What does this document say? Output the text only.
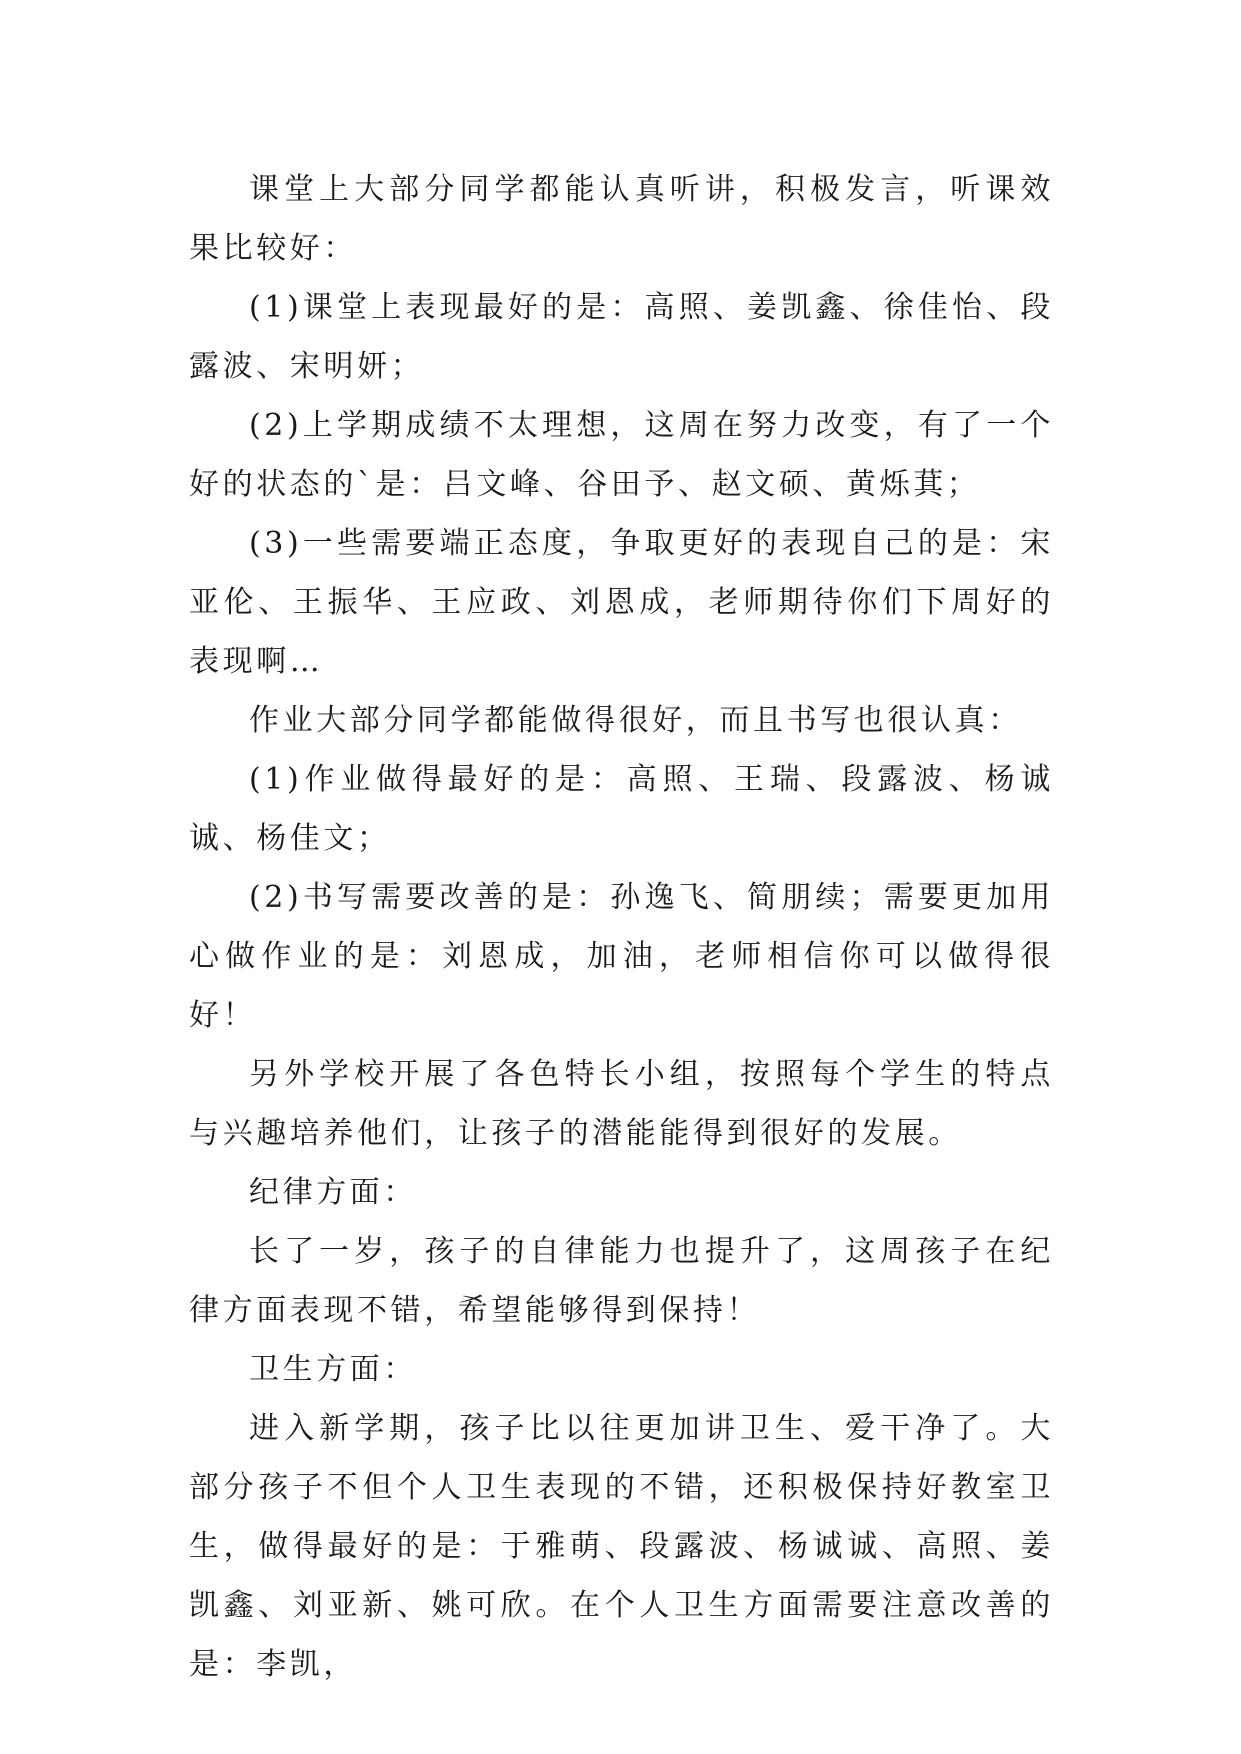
课堂上大部分同学都能认真听讲，积极发言，听课效果比较好：

(1)课堂上表现最好的是：高照、姜凯鑫、徐佳怡、段露波、宋明妍；

(2)上学期成绩不太理想，这周在努力改变，有了一个好的状态的`是：吕文峰、谷田予、赵文硕、黄烁萁；

(3)一些需要端正态度，争取更好的表现自己的是：宋亚伦、王振华、王应政、刘恩成，老师期待你们下周好的表现啊…

作业大部分同学都能做得很好，而且书写也很认真：

(1)作业做得最好的是：高照、王瑞、段露波、杨诚诚、杨佳文；

(2)书写需要改善的是：孙逸飞、简朋续；需要更加用心做作业的是：刘恩成，加油，老师相信你可以做得很好！

另外学校开展了各色特长小组，按照每个学生的特点与兴趣培养他们，让孩子的潜能能得到很好的发展。

纪律方面：

长了一岁，孩子的自律能力也提升了，这周孩子在纪律方面表现不错，希望能够得到保持！

卫生方面：

进入新学期，孩子比以往更加讲卫生、爱干净了。大部分孩子不但个人卫生表现的不错，还积极保持好教室卫生，做得最好的是：于雅萌、段露波、杨诚诚、高照、姜凯鑫、刘亚新、姚可欣。在个人卫生方面需要注意改善的是：李凯，
